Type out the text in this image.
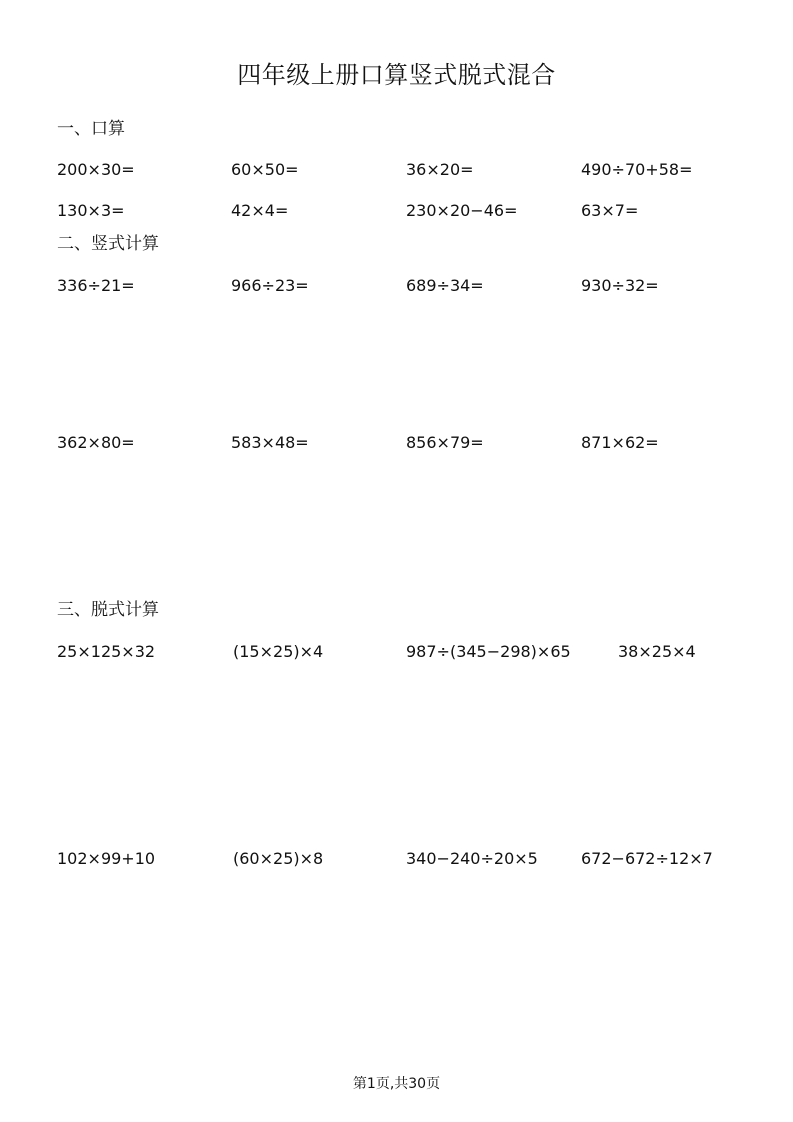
四年级上册口算竖式脱式混合
一、口算
200×30=	60×50=	36×20=	490÷70+58=
130×3=	42×4=	230×20−46=	63×7=
二、竖式计算
336÷21=	966÷23=	689÷34=	930÷32=
362×80=	583×48=	856×79=	871×62=
三、脱式计算
25×125×32	(15×25)×4	987÷(345−298)×65	38×25×4
102×99+10	(60×25)×8	340−240÷20×5	672−672÷12×7
第1页,共30页
